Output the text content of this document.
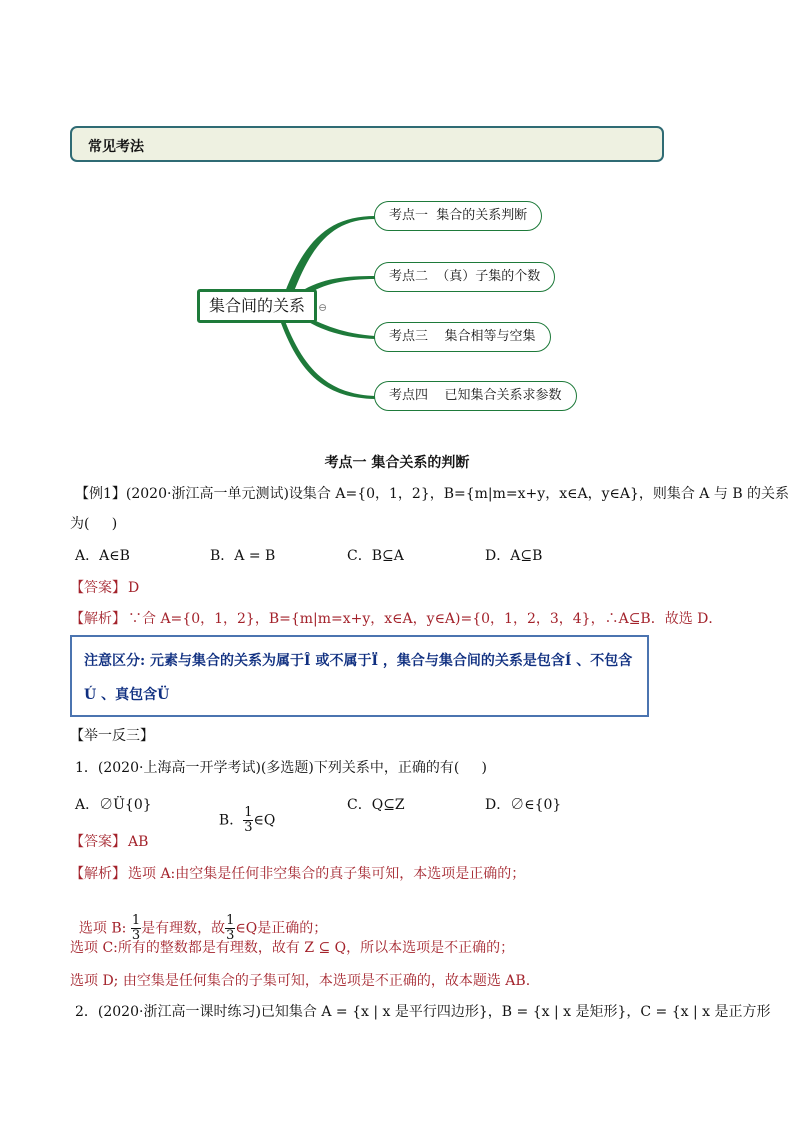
常见考法
集合间的关系	⊖
考点一  集合的关系判断
考点二  （真）子集的个数
考点三    集合相等与空集
考点四    已知集合关系求参数
考点一 集合关系的判断
【例1】(2020·浙江高一单元测试)设集合 A={0，1，2}，B={m|m=x+y，x∈A，y∈A}，则集合 A 与 B 的关系
为(     )
A．A∈B	B．A = B	C．B⊆A	D．A⊆B
【答案】 D
【解析】 ∵合 A={0，1，2}，B={m|m=x+y，x∈A，y∈A)={0，1，2，3，4}，∴A⊆B．故选 D．
注意区分: 元素与集合的关系为属于Î 或不属于Ï ，集合与集合间的关系是包含Í 、不包含
Ú 、真包含Ü
【举一反三】
1．(2020·上海高一开学考试)(多选题)下列关系中，正确的有(     )
A．∅Ü{0}

B． $\frac{1}{3}$ ∈Q

C．Q⊆Z	D．∅∈{0}
【答案】 AB
【解析】 选项 A:由空集是任何非空集合的真子集可知，本选项是正确的；

选项 B: $\frac{1}{3}$ 是有理数，故 $\frac{1}{3}$ ∈Q是正确的；

选项 C:所有的整数都是有理数，故有 Z ⊆ Q，所以本选项是不正确的；
选项 D; 由空集是任何集合的子集可知，本选项是不正确的，故本题选 AB.
2．(2020·浙江高一课时练习)已知集合 A = {x | x 是平行四边形}，B = {x | x 是矩形}，C = {x | x 是正方形
